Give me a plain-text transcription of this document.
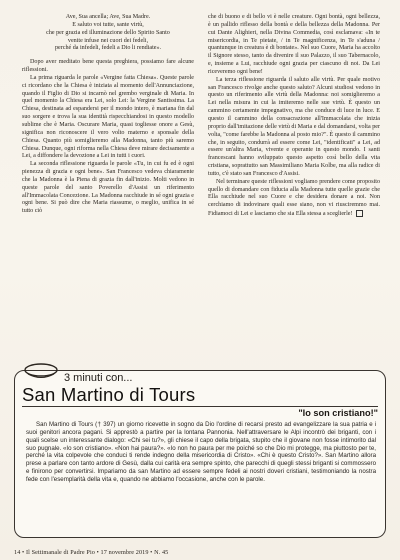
Ave, Sua ancella; Ave, Sua Madre.
E saluto voi tutte, sante virtù,
che per grazia ed illuminazione dello Spirito Santo
venite infuse nei cuori dei fedeli,
perché da infedeli, fedeli a Dio li rendiate».

Dopo aver meditato bene questa preghiera, possiamo fare alcune riflessioni.

La prima riguarda le parole «Vergine fatta Chiesa». Queste parole ci ricordano che la Chiesa è iniziata al momento dell'Annunciazione, quando il Figlio di Dio si incarnò nel grembo verginale di Maria. In quel momento la Chiesa era Lei, solo Lei: la Vergine Santissima. La Chiesa, destinata ad espandersi per il mondo intero, è mariana fin dal suo sorgere e trova la sua identità rispecchiandosi in questo modello sublime che è Maria. Oscurare Maria, quasi togliesse onore a Gesù, significa non riconoscere il vero volto materno e sponsale della Chiesa. Quanto più somiglieremo alla Madonna, tanto più saremo Chiesa. Dunque, ogni riforma nella Chiesa deve mirare decisamente a Lei, a diffondere la devozione a Lei in tutti i cuori.

La seconda riflessione riguarda le parole «Tu, in cui fu ed è ogni pienezza di grazia e ogni bene». San Francesco vedeva chiaramente che la Madonna è la Piena di grazia fin dall'inizio. Molti vedono in queste parole del santo Poverello d'Assisi un riferimento all'Immacolata Concezione. La Madonna racchiude in sé ogni grazia e ogni bene. Si può dire che Maria riassume, o meglio, unifica in sé tutto ciò

che di buono e di bello vi è nelle creature. Ogni bontà, ogni bellezza, è un pallido riflesso della bontà e della bellezza della Madonna. Per cui Dante Alighieri, nella Divina Commedia, così esclamava: «In te misericordia, in Te pietate, / in Te magnificenza, in Te s'aduna / quantunque in creatura è di bontate». Nel suo Cuore, Maria ha accolto il Signore stesso, tanto da divenire il suo Palazzo, il suo Tabernacolo, e, insieme a Lui, racchiude ogni grazia per ciascuno di noi. Da Lei riceveremo ogni bene!

La terza riflessione riguarda il saluto alle virtù. Per quale motivo san Francesco rivolge anche questo saluto? Alcuni studiosi vedono in questo un riferimento alle virtù della Madonna: noi somiglieremo a Lei nella misura in cui la imiteremo nelle sue virtù. È questo un cammino certamente impegnativo, ma che conduce di luce in luce. E questo il cammino della consacrazione all'Immacolata che inizia proprio dall'imitazione delle virtù di Maria e dal domandarsi, volta per volta, "come farebbe la Madonna al posto mio?". È questo il cammino che, in seguito, condurrà ad essere come Lei, "identificati" a Lei, ad essere un'altra Maria, vivente e operante in questo mondo. I santi francescani hanno sviluppato questo aspetto così bello della vita cristiana, soprattutto san Massimiliano Maria Kolbe, ma alla radice di tutto, c'è stato san Francesco d'Assisi.

Nel terminare queste riflessioni vogliamo prendere come proposito quello di domandare con fiducia alla Madonna tutte quelle grazie che Ella racchiude nel suo Cuore e che desidera donare a noi. Non cerchiamo di indovinare quali esse siano, non vi riusciremmo mai. Fidiamoci di Lei e lasciamo che sia Ella stessa a sceglierle!

3 minuti con...
San Martino di Tours
"Io son cristiano!"

San Martino di Tours († 397) un giorno ricevette in sogno da Dio l'ordine di recarsi presto ad evangelizzare la sua patria e i suoi genitori ancora pagani. Si apprestò a partire per la lontana Pannonia. Nell'attraversare le Alpi incontrò dei briganti, con i quali scelse un interessante dialogo: «Chi sei tu?», gli chiese il capo della brigata, stupito che il giovane non fosse intimorito dal suo pugnale. «Io son cristiano». «Non hai paura?». «Io non ho paura per me poiché so che Dio mi protegge, ma piuttosto per te, perché la vita colpevole che conduci ti rende indegno della misericordia di Cristo». «Chi è questo Cristo?». San Martino allora prese a parlare con tanto ardore di Gesù, dalla cui carità era sempre spinto, che parecchi di quegli stessi briganti si commossero e finirono per convertirsi. Impariamo da san Martino ad essere sempre fedeli ai nostri doveri cristiani, testimoniando la nostra fede con l'esemplarità della vita e, quando ne abbiamo l'occasione, anche con le parole.

14 • Il Settimanale di Padre Pio • 17 novembre 2019 • N. 45
